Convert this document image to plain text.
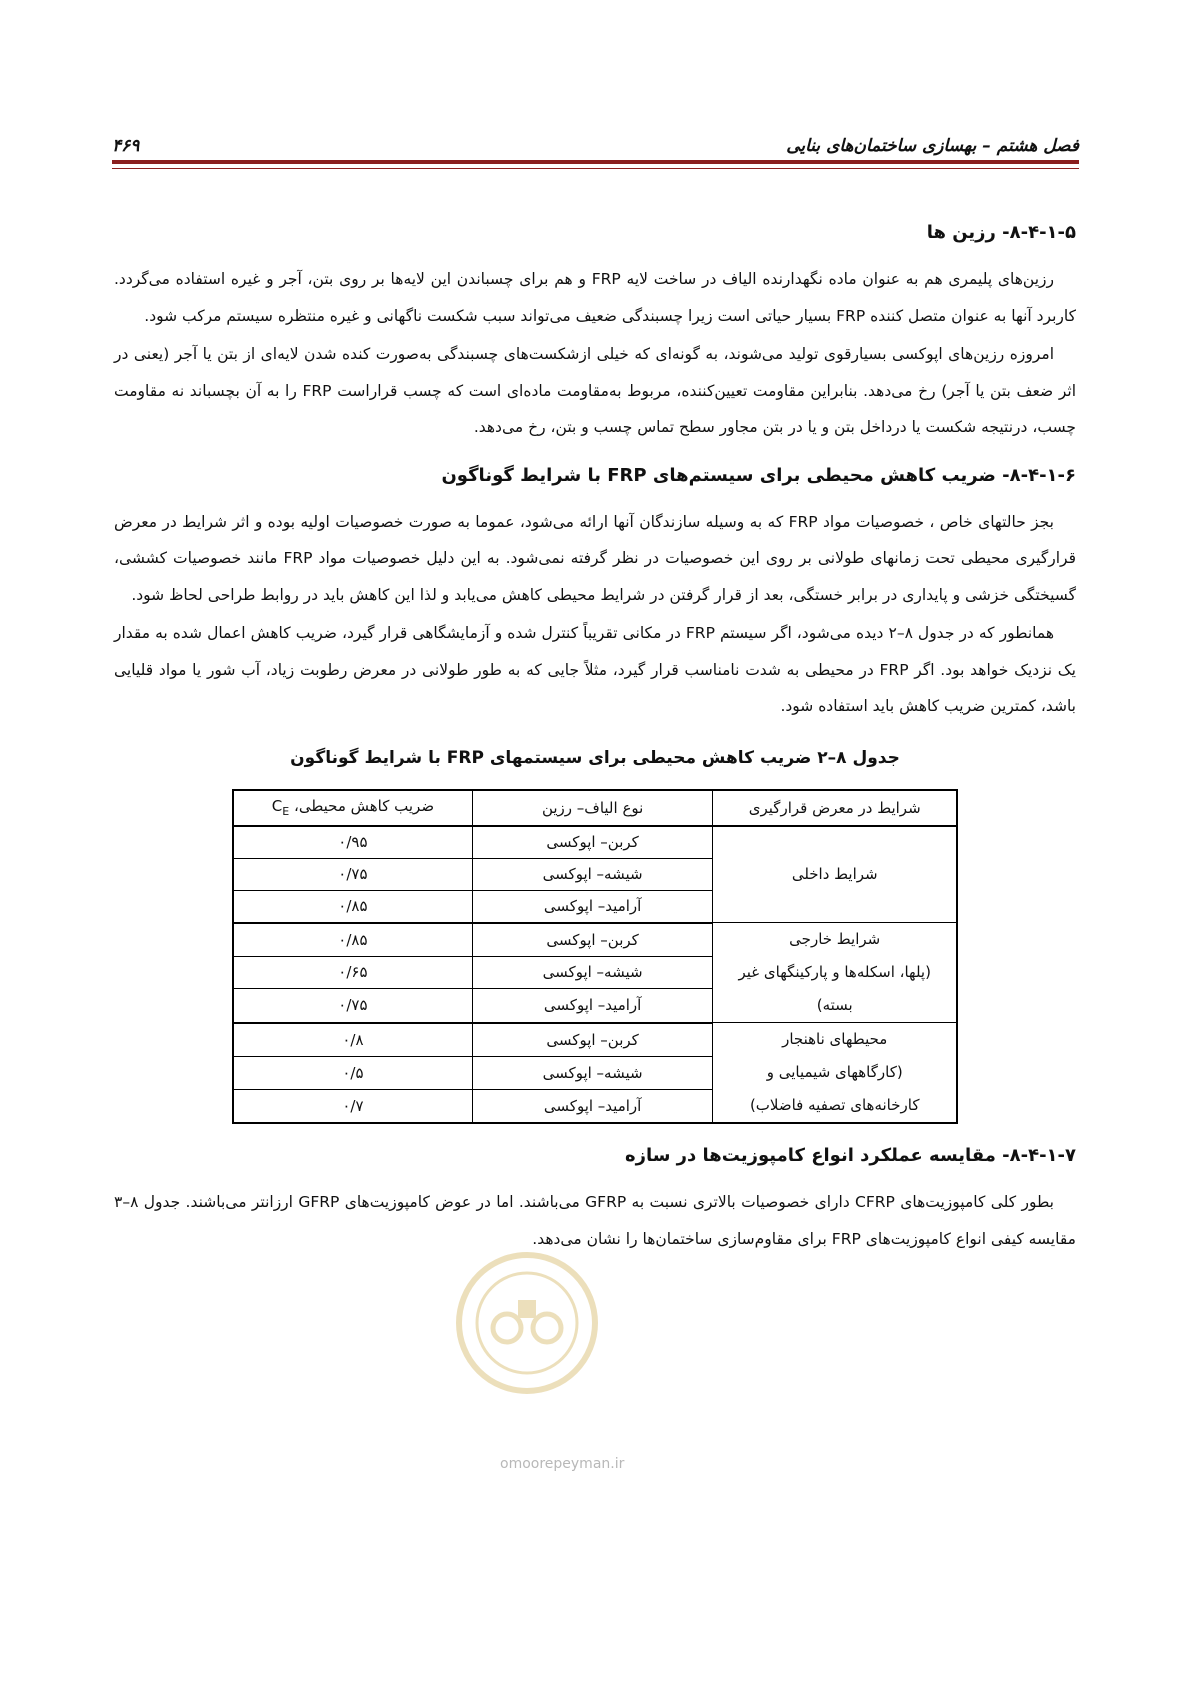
فصل هشتم – بهسازی ساختمان‌های بنایی
۴۶۹
۸-۴-۱-۵- رزین ها

رزین‌های پلیمری هم به عنوان ماده نگهدارنده الیاف در ساخت لایه FRP و هم برای چسباندن این لایه‌ها بر روی بتن، آجر و غیره استفاده می‌گردد. کاربرد آنها به عنوان متصل کننده FRP بسیار حیاتی است زیرا چسبندگی ضعیف می‌تواند سبب شکست ناگهانی و غیره منتظره سیستم مرکب شود.

امروزه رزین‌های اپوکسی بسیارقوی تولید می‌شوند، به گونه‌ای که خیلی ازشکست‌های چسبندگی به‌صورت کنده شدن لایه‌ای از بتن یا آجر (یعنی در اثر ضعف بتن یا آجر) رخ می‌دهد. بنابراین مقاومت تعیین‌کننده، مربوط به‌مقاومت ماده‌ای است که چسب قراراست FRP را به آن بچسباند نه مقاومت چسب، درنتیجه شکست یا درداخل بتن و یا در بتن مجاور سطح تماس چسب و بتن، رخ می‌دهد.

۸-۴-۱-۶- ضریب کاهش محیطی برای سیستم‌های FRP با شرایط گوناگون

بجز حالتهای خاص ، خصوصیات مواد FRP که به وسیله سازندگان آنها ارائه می‌شود، عموما به صورت خصوصیات اولیه بوده و اثر شرایط در معرض قرارگیری محیطی تحت زمانهای طولانی بر روی این خصوصیات در نظر گرفته نمی‌شود. به این دلیل خصوصیات مواد FRP مانند خصوصیات کششی، گسیختگی خزشی و پایداری در برابر خستگی، بعد از قرار گرفتن در شرایط محیطی کاهش می‌یابد و لذا این کاهش باید در روابط طراحی لحاظ شود.

همانطور که در جدول ۸–۲ دیده می‌شود، اگر سیستم FRP در مکانی تقریباً کنترل شده و آزمایشگاهی قرار گیرد، ضریب کاهش اعمال شده به مقدار یک نزدیک خواهد بود. اگر FRP در محیطی به شدت نامناسب قرار گیرد، مثلاً جایی که به طور طولانی در معرض رطوبت زیاد، آب شور یا مواد قلیایی باشد، کمترین ضریب کاهش باید استفاده شود.

جدول ۸–۲ ضریب کاهش محیطی برای سیستمهای FRP با شرایط گوناگون
شرایط در معرض قرارگیری	نوع الیاف– رزین	ضریب کاهش محیطی، $C_E$

شرایط داخلی	کربن– اپوکسی	۰/۹۵
	شیشه– اپوکسی	۰/۷۵
	آرامید– اپوکسی	۰/۸۵

شرایط خارجی
(پلها، اسکله‌ها و پارکینگهای غیر
بسته)	کربن– اپوکسی	۰/۸۵
	شیشه– اپوکسی	۰/۶۵
	آرامید– اپوکسی	۰/۷۵

محیطهای ناهنجار
(کارگاههای شیمیایی و
کارخانه‌های تصفیه فاضلاب)	کربن– اپوکسی	۰/۸
	شیشه– اپوکسی	۰/۵
	آرامید– اپوکسی	۰/۷
۸-۴-۱-۷- مقایسه عملکرد انواع کامپوزیت‌ها در سازه

بطور کلی کامپوزیت‌های CFRP دارای خصوصیات بالاتری نسبت به GFRP می‌باشند. اما در عوض کامپوزیت‌های GFRP ارزانتر می‌باشند. جدول ۸–۳ مقایسه کیفی انواع کامپوزیت‌های FRP برای مقاوم‌سازی ساختمان‌ها را نشان می‌دهد.

omoorepeyman.ir
